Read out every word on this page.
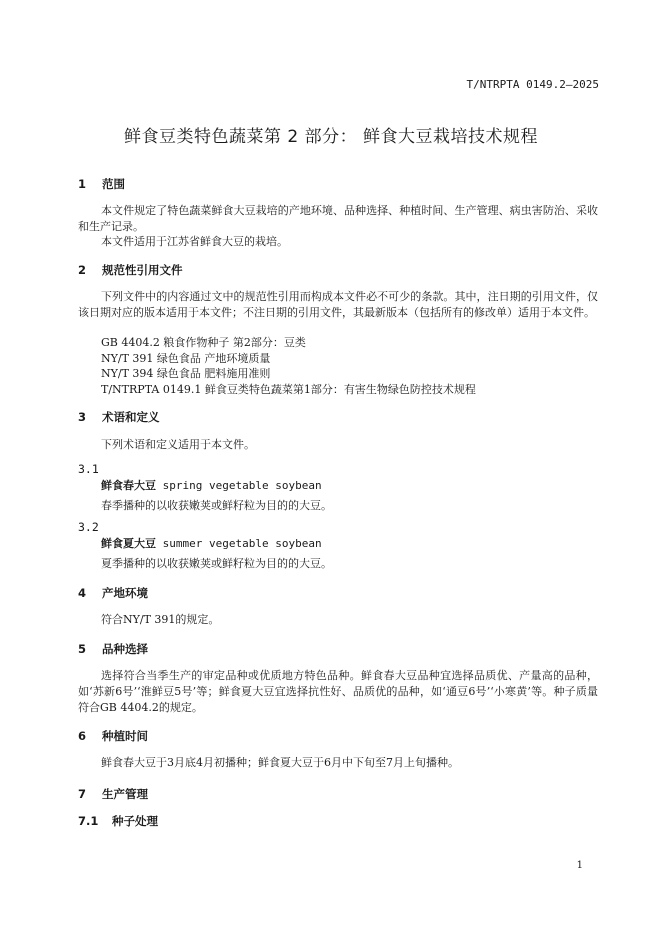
T/NTRPTA 0149.2—2025
鲜食豆类特色蔬菜第 2 部分： 鲜食大豆栽培技术规程
1 范围
本文件规定了特色蔬菜鲜食大豆栽培的产地环境、品种选择、种植时间、生产管理、病虫害防治、采收和生产记录。
本文件适用于江苏省鲜食大豆的栽培。
2 规范性引用文件
下列文件中的内容通过文中的规范性引用而构成本文件必不可少的条款。其中，注日期的引用文件，仅该日期对应的版本适用于本文件；不注日期的引用文件，其最新版本（包括所有的修改单）适用于本文件。
GB 4404.2 粮食作物种子 第2部分：豆类
NY/T 391 绿色食品 产地环境质量
NY/T 394 绿色食品 肥料施用准则
T/NTRPTA 0149.1 鲜食豆类特色蔬菜第1部分：有害生物绿色防控技术规程
3 术语和定义
下列术语和定义适用于本文件。
3.1
鲜食春大豆 spring vegetable soybean
春季播种的以收获嫩荚或鲜籽粒为目的的大豆。
3.2
鲜食夏大豆 summer vegetable soybean
夏季播种的以收获嫩荚或鲜籽粒为目的的大豆。
4 产地环境
符合NY/T 391的规定。
5 品种选择
选择符合当季生产的审定品种或优质地方特色品种。鲜食春大豆品种宜选择品质优、产量高的品种，如‘苏新6号’‘淮鲜豆5号’等；鲜食夏大豆宜选择抗性好、品质优的品种，如‘通豆6号’‘小寒黄’等。种子质量符合GB 4404.2的规定。
6 种植时间
鲜食春大豆于3月底4月初播种；鲜食夏大豆于6月中下旬至7月上旬播种。
7 生产管理
7.1 种子处理
1
